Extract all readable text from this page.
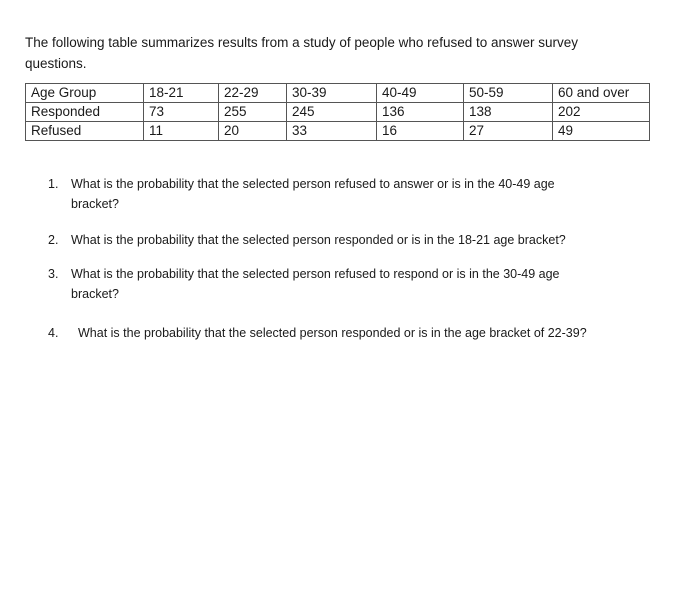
The following table summarizes results from a study of people who refused to answer survey questions.
Age Group	18-21	22-29	30-39	40-49	50-59	60 and over
Responded	73	255	245	136	138	202
Refused	11	20	33	16	27	49
1. What is the probability that the selected person refused to answer or is in the 40-49 age bracket?
2. What is the probability that the selected person responded or is in the 18-21 age bracket?
3. What is the probability that the selected person refused to respond or is in the 30-49 age bracket?
4. What is the probability that the selected person responded or is in the age bracket of 22-39?
